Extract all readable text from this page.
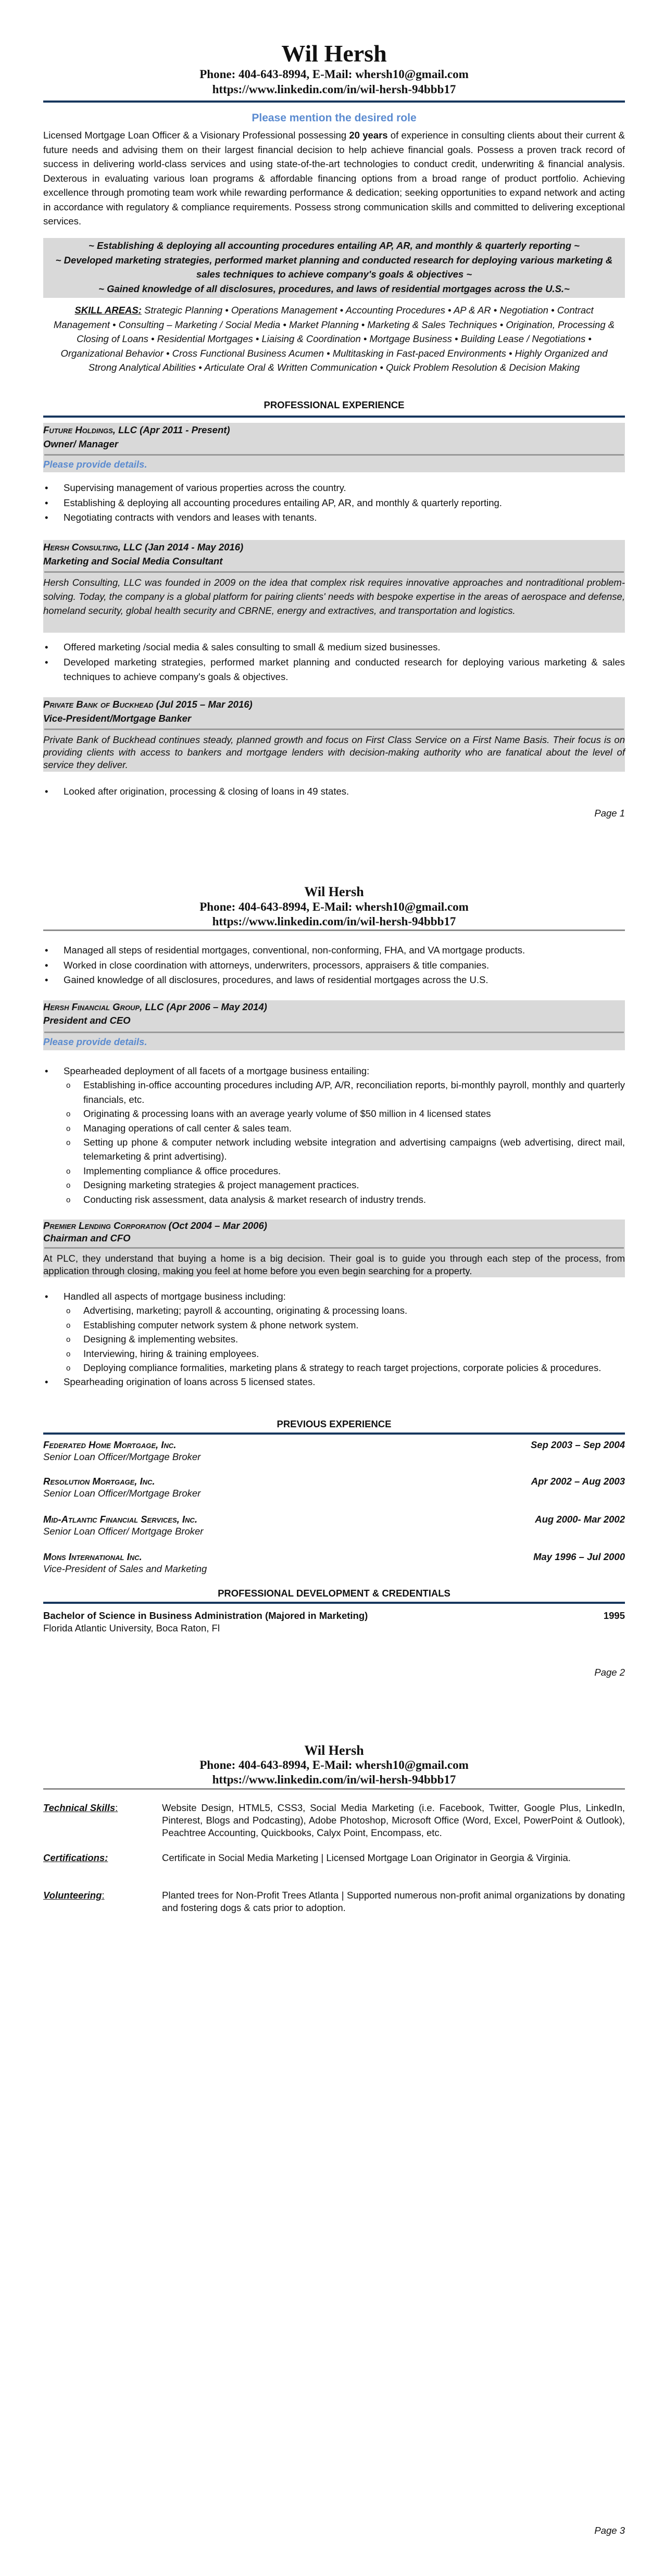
Wil Hersh
Phone: 404-643-8994, E-Mail: whersh10@gmail.com
https://www.linkedin.com/in/wil-hersh-94bbb17
Please mention the desired role
Licensed Mortgage Loan Officer & a Visionary Professional possessing 20 years of experience in consulting clients about their current & future needs and advising them on their largest financial decision to help achieve financial goals. Possess a proven track record of success in delivering world-class services and using state-of-the-art technologies to conduct credit, underwriting & financial analysis. Dexterous in evaluating various loan programs & affordable financing options from a broad range of product portfolio. Achieving excellence through promoting team work while rewarding performance & dedication; seeking opportunities to expand network and acting in accordance with regulatory & compliance requirements. Possess strong communication skills and committed to delivering exceptional services.
~ Establishing & deploying all accounting procedures entailing AP, AR, and monthly & quarterly reporting ~
~ Developed marketing strategies, performed market planning and conducted research for deploying various marketing & sales techniques to achieve company's goals & objectives ~
~ Gained knowledge of all disclosures, procedures, and laws of residential mortgages across the U.S.~
SKILL AREAS: Strategic Planning • Operations Management • Accounting Procedures • AP & AR • Negotiation • Contract Management • Consulting – Marketing / Social Media • Market Planning • Marketing & Sales Techniques • Origination, Processing & Closing of Loans • Residential Mortgages • Liaising & Coordination • Mortgage Business • Building Lease / Negotiations • Organizational Behavior • Cross Functional Business Acumen • Multitasking in Fast-paced Environments • Highly Organized and Strong Analytical Abilities • Articulate Oral & Written Communication • Quick Problem Resolution & Decision Making
PROFESSIONAL EXPERIENCE
Future Holdings, LLC (Apr 2011 - Present)
Owner/ Manager
Please provide details.
• Supervising management of various properties across the country.
• Establishing & deploying all accounting procedures entailing AP, AR, and monthly & quarterly reporting.
• Negotiating contracts with vendors and leases with tenants.
Hersh Consulting, LLC (Jan 2014 - May 2016)
Marketing and Social Media Consultant
Hersh Consulting, LLC was founded in 2009 on the idea that complex risk requires innovative approaches and nontraditional problem-solving. Today, the company is a global platform for pairing clients' needs with bespoke expertise in the areas of aerospace and defense, homeland security, global health security and CBRNE, energy and extractives, and transportation and logistics.
• Offered marketing /social media & sales consulting to small & medium sized businesses.
• Developed marketing strategies, performed market planning and conducted research for deploying various marketing & sales techniques to achieve company's goals & objectives.
Private Bank of Buckhead (Jul 2015 – Mar 2016)
Vice-President/Mortgage Banker
Private Bank of Buckhead continues steady, planned growth and focus on First Class Service on a First Name Basis. Their focus is on providing clients with access to bankers and mortgage lenders with decision-making authority who are fanatical about the level of service they deliver.
• Looked after origination, processing & closing of loans in 49 states.
Page 1
Wil Hersh
Phone: 404-643-8994, E-Mail: whersh10@gmail.com
https://www.linkedin.com/in/wil-hersh-94bbb17
• Managed all steps of residential mortgages, conventional, non-conforming, FHA, and VA mortgage products.
• Worked in close coordination with attorneys, underwriters, processors, appraisers & title companies.
• Gained knowledge of all disclosures, procedures, and laws of residential mortgages across the U.S.
Hersh Financial Group, LLC (Apr 2006 – May 2014)
President and CEO
Please provide details.
• Spearheaded deployment of all facets of a mortgage business entailing:
o Establishing in-office accounting procedures including A/P, A/R, reconciliation reports, bi-monthly payroll, monthly and quarterly financials, etc.
o Originating & processing loans with an average yearly volume of $50 million in 4 licensed states
o Managing operations of call center & sales team.
o Setting up phone & computer network including website integration and advertising campaigns (web advertising, direct mail, telemarketing & print advertising).
o Implementing compliance & office procedures.
o Designing marketing strategies & project management practices.
o Conducting risk assessment, data analysis & market research of industry trends.
Premier Lending Corporation (Oct 2004 – Mar 2006)
Chairman and CFO
At PLC, they understand that buying a home is a big decision. Their goal is to guide you through each step of the process, from application through closing, making you feel at home before you even begin searching for a property.
• Handled all aspects of mortgage business including:
o Advertising, marketing; payroll & accounting, originating & processing loans.
o Establishing computer network system & phone network system.
o Designing & implementing websites.
o Interviewing, hiring & training employees.
o Deploying compliance formalities, marketing plans & strategy to reach target projections, corporate policies & procedures.
• Spearheading origination of loans across 5 licensed states.
PREVIOUS EXPERIENCE
Federated Home Mortgage, Inc.	Sep 2003 – Sep 2004
Senior Loan Officer/Mortgage Broker
Resolution Mortgage, Inc.	Apr 2002 – Aug 2003
Senior Loan Officer/Mortgage Broker
Mid-Atlantic Financial Services, Inc.	Aug 2000- Mar 2002
Senior Loan Officer/ Mortgage Broker
Mons International Inc.	May 1996 – Jul 2000
Vice-President of Sales and Marketing
PROFESSIONAL DEVELOPMENT & CREDENTIALS
Bachelor of Science in Business Administration (Majored in Marketing)	1995
Florida Atlantic University, Boca Raton, Fl
Page 2
Wil Hersh
Phone: 404-643-8994, E-Mail: whersh10@gmail.com
https://www.linkedin.com/in/wil-hersh-94bbb17
Technical Skills:	Website Design, HTML5, CSS3, Social Media Marketing (i.e. Facebook, Twitter, Google Plus, LinkedIn, Pinterest, Blogs and Podcasting), Adobe Photoshop, Microsoft Office (Word, Excel, PowerPoint & Outlook), Peachtree Accounting, Quickbooks, Calyx Point, Encompass, etc.
Certifications:	Certificate in Social Media Marketing | Licensed Mortgage Loan Originator in Georgia & Virginia.
Volunteering:	Planted trees for Non-Profit Trees Atlanta | Supported numerous non-profit animal organizations by donating and fostering dogs & cats prior to adoption.
Page 3
